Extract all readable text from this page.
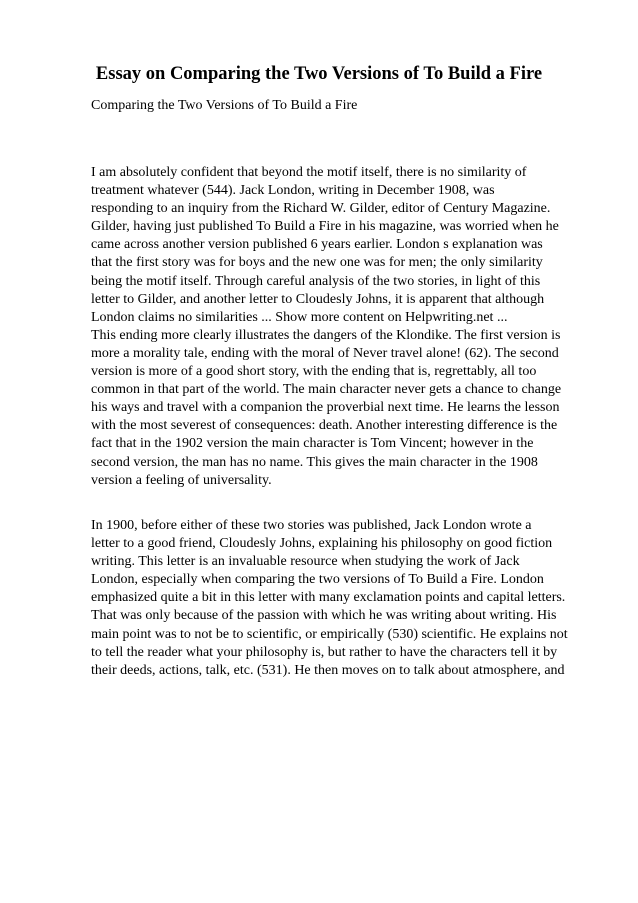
Essay on Comparing the Two Versions of To Build a Fire
Comparing the Two Versions of To Build a Fire
I am absolutely confident that beyond the motif itself, there is no similarity of
treatment whatever (544). Jack London, writing in December 1908, was
responding to an inquiry from the Richard W. Gilder, editor of Century Magazine.
Gilder, having just published To Build a Fire in his magazine, was worried when he
came across another version published 6 years earlier. London s explanation was
that the first story was for boys and the new one was for men; the only similarity
being the motif itself. Through careful analysis of the two stories, in light of this
letter to Gilder, and another letter to Cloudesly Johns, it is apparent that although
London claims no similarities ... Show more content on Helpwriting.net ...
This ending more clearly illustrates the dangers of the Klondike. The first version is
more a morality tale, ending with the moral of Never travel alone! (62). The second
version is more of a good short story, with the ending that is, regrettably, all too
common in that part of the world. The main character never gets a chance to change
his ways and travel with a companion the proverbial next time. He learns the lesson
with the most severest of consequences: death. Another interesting difference is the
fact that in the 1902 version the main character is Tom Vincent; however in the
second version, the man has no name. This gives the main character in the 1908
version a feeling of universality.
In 1900, before either of these two stories was published, Jack London wrote a
letter to a good friend, Cloudesly Johns, explaining his philosophy on good fiction
writing. This letter is an invaluable resource when studying the work of Jack
London, especially when comparing the two versions of To Build a Fire. London
emphasized quite a bit in this letter with many exclamation points and capital letters.
That was only because of the passion with which he was writing about writing. His
main point was to not be to scientific, or empirically (530) scientific. He explains not
to tell the reader what your philosophy is, but rather to have the characters tell it by
their deeds, actions, talk, etc. (531). He then moves on to talk about atmosphere, and
